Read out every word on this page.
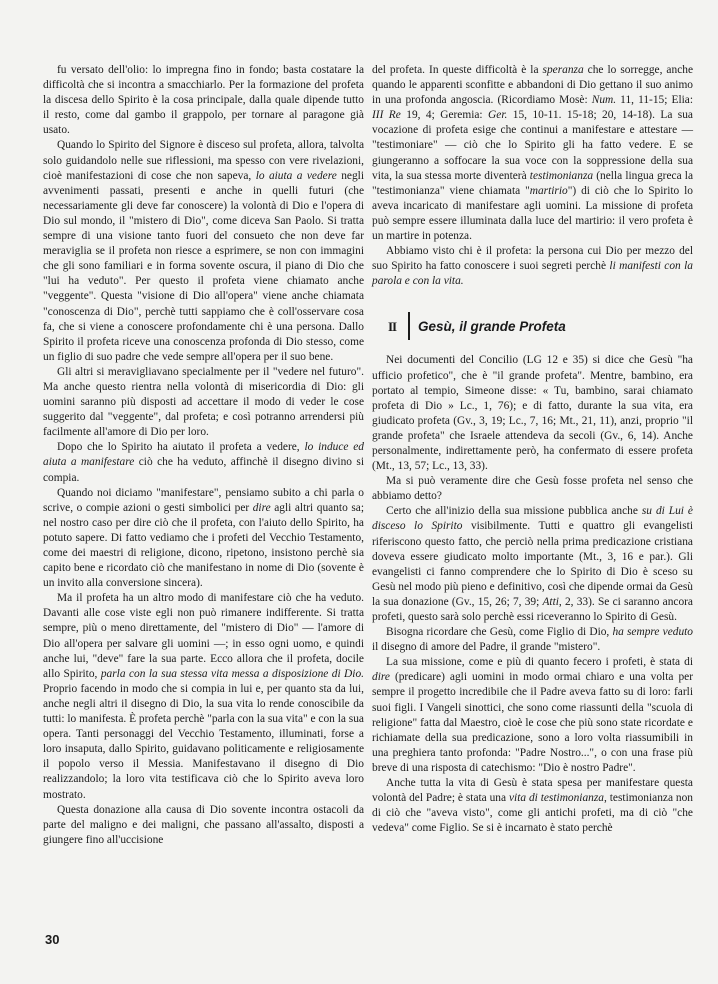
fu versato dell'olio: lo impregna fino in fondo; basta costatare la difficoltà che si incontra a smacchiarlo. Per la formazione del profeta la discesa dello Spirito è la cosa principale, dalla quale dipende tutto il resto, come dal gambo il grappolo, per tornare al paragone già usato.

Quando lo Spirito del Signore è disceso sul profeta, allora, talvolta solo guidandolo nelle sue riflessioni, ma spesso con vere rivelazioni, cioè manifestazioni di cose che non sapeva, lo aiuta a vedere negli avvenimenti passati, presenti e anche in quelli futuri (che necessariamente gli deve far conoscere) la volontà di Dio e l'opera di Dio sul mondo, il "mistero di Dio", come diceva San Paolo. Si tratta sempre di una visione tanto fuori del consueto che non deve far meraviglia se il profeta non riesce a esprimere, se non con immagini che gli sono familiari e in forma sovente oscura, il piano di Dio che "lui ha veduto". Per questo il profeta viene chiamato anche "veggente". Questa "visione di Dio all'opera" viene anche chiamata "conoscenza di Dio", perchè tutti sappiamo che è coll'osservare cosa fa, che si viene a conoscere profondamente chi è una persona. Dallo Spirito il profeta riceve una conoscenza profonda di Dio stesso, come un figlio di suo padre che vede sempre all'opera per il suo bene.

Gli altri si meravigliavano specialmente per il "vedere nel futuro". Ma anche questo rientra nella volontà di misericordia di Dio: gli uomini saranno più disposti ad accettare il modo di veder le cose suggerito dal "veggente", dal profeta; e così potranno arrendersi più facilmente all'amore di Dio per loro.

Dopo che lo Spirito ha aiutato il profeta a vedere, lo induce ed aiuta a manifestare ciò che ha veduto, affinchè il disegno divino si compia.

Quando noi diciamo "manifestare", pensiamo subito a chi parla o scrive, o compie azioni o gesti simbolici per dire agli altri quanto sa; nel nostro caso per dire ciò che il profeta, con l'aiuto dello Spirito, ha potuto sapere. Di fatto vediamo che i profeti del Vecchio Testamento, come dei maestri di religione, dicono, ripetono, insistono perchè sia capito bene e ricordato ciò che manifestano in nome di Dio (sovente è un invito alla conversione sincera).

Ma il profeta ha un altro modo di manifestare ciò che ha veduto. Davanti alle cose viste egli non può rimanere indifferente. Si tratta sempre, più o meno direttamente, del "mistero di Dio" — l'amore di Dio all'opera per salvare gli uomini —; in esso ogni uomo, e quindi anche lui, "deve" fare la sua parte. Ecco allora che il profeta, docile allo Spirito, parla con la sua stessa vita messa a disposizione di Dio. Proprio facendo in modo che si compia in lui e, per quanto sta da lui, anche negli altri il disegno di Dio, la sua vita lo rende conoscibile da tutti: lo manifesta. È profeta perchè "parla con la sua vita" e con la sua opera. Tanti personaggi del Vecchio Testamento, illuminati, forse a loro insaputa, dallo Spirito, guidavano politicamente e religiosamente il popolo verso il Messia. Manifestavano il disegno di Dio realizzandolo; la loro vita testificava ciò che lo Spirito aveva loro mostrato.

Questa donazione alla causa di Dio sovente incontra ostacoli da parte del maligno e dei maligni, che passano all'assalto, disposti a giungere fino all'uccisione

del profeta. In queste difficoltà è la speranza che lo sorregge, anche quando le apparenti sconfitte e abbandoni di Dio gettano il suo animo in una profonda angoscia. (Ricordiamo Mosè: Num. 11, 11-15; Elia: III Re 19, 4; Geremia: Ger. 15, 10-11. 15-18; 20, 14-18). La sua vocazione di profeta esige che continui a manifestare e attestare — "testimoniare" — ciò che lo Spirito gli ha fatto vedere. E se giungeranno a soffocare la sua voce con la soppressione della sua vita, la sua stessa morte diventerà testimonianza (nella lingua greca la "testimonianza" viene chiamata "martirio") di ciò che lo Spirito lo aveva incaricato di manifestare agli uomini. La missione di profeta può sempre essere illuminata dalla luce del martirio: il vero profeta è un martire in potenza.

Abbiamo visto chi è il profeta: la persona cui Dio per mezzo del suo Spirito ha fatto conoscere i suoi segreti perchè li manifesti con la parola e con la vita.

II	Gesù, il grande Profeta

Nei documenti del Concilio (LG 12 e 35) si dice che Gesù "ha ufficio profetico", che è "il grande profeta". Mentre, bambino, era portato al tempio, Simeone disse: « Tu, bambino, sarai chiamato profeta di Dio » Lc., 1, 76); e di fatto, durante la sua vita, era giudicato profeta (Gv., 3, 19; Lc., 7, 16; Mt., 21, 11), anzi, proprio "il grande profeta" che Israele attendeva da secoli (Gv., 6, 14). Anche personalmente, indirettamente però, ha confermato di essere profeta (Mt., 13, 57; Lc., 13, 33).

Ma si può veramente dire che Gesù fosse profeta nel senso che abbiamo detto?

Certo che all'inizio della sua missione pubblica anche su di Lui è disceso lo Spirito visibilmente. Tutti e quattro gli evangelisti riferiscono questo fatto, che perciò nella prima predicazione cristiana doveva essere giudicato molto importante (Mt., 3, 16 e par.). Gli evangelisti ci fanno comprendere che lo Spirito di Dio è sceso su Gesù nel modo più pieno e definitivo, così che dipende ormai da Gesù la sua donazione (Gv., 15, 26; 7, 39; Atti, 2, 33). Se ci saranno ancora profeti, questo sarà solo perchè essi riceveranno lo Spirito di Gesù.

Bisogna ricordare che Gesù, come Figlio di Dio, ha sempre veduto il disegno di amore del Padre, il grande "mistero".

La sua missione, come e più di quanto fecero i profeti, è stata di dire (predicare) agli uomini in modo ormai chiaro e una volta per sempre il progetto incredibile che il Padre aveva fatto su di loro: farli suoi figli. I Vangeli sinottici, che sono come riassunti della "scuola di religione" fatta dal Maestro, cioè le cose che più sono state ricordate e richiamate della sua predicazione, sono a loro volta riassumibili in una preghiera tanto profonda: "Padre Nostro...", o con una frase più breve di una risposta di catechismo: "Dio è nostro Padre".

Anche tutta la vita di Gesù è stata spesa per manifestare questa volontà del Padre; è stata una vita di testimonianza, testimonianza non di ciò che "aveva visto", come gli antichi profeti, ma di ciò "che vedeva" come Figlio. Se si è incarnato è stato perchè

30
